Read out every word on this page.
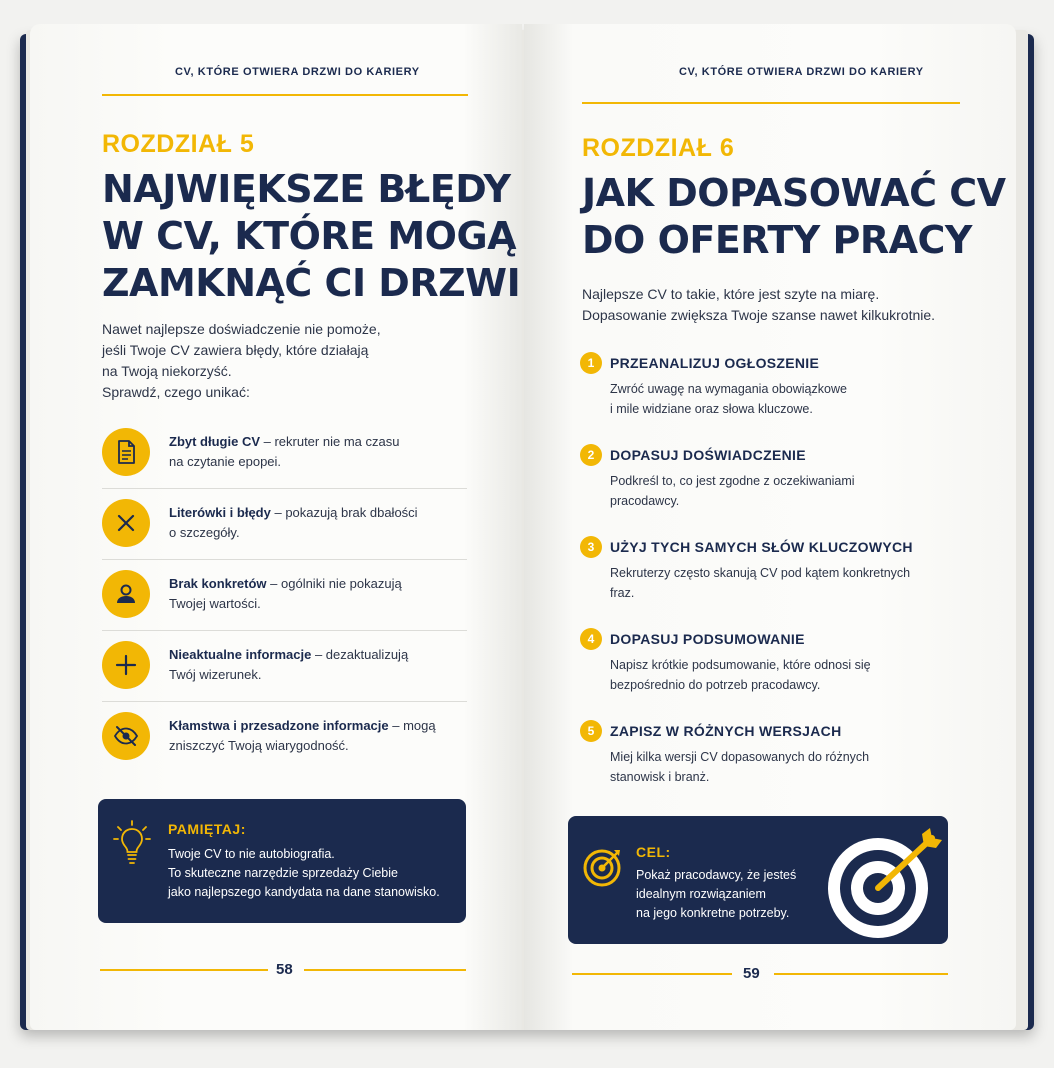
CV, KTÓRE OTWIERA DRZWI DO KARIERY
ROZDZIAŁ 5
NAJWIĘKSZE BŁĘDY
W CV, KTÓRE MOGĄ
ZAMKNĄĆ CI DRZWI
Nawet najlepsze doświadczenie nie pomoże,
jeśli Twoje CV zawiera błędy, które działają
na Twoją niekorzyść.
Sprawdź, czego unikać:
Zbyt długie CV – rekruter nie ma czasu
na czytanie epopei.
Literówki i błędy – pokazują brak dbałości
o szczegóły.
Brak konkretów – ogólniki nie pokazują
Twojej wartości.
Nieaktualne informacje – dezaktualizują
Twój wizerunek.
Kłamstwa i przesadzone informacje – mogą
zniszczyć Twoją wiarygodność.
PAMIĘTAJ:
Twoje CV to nie autobiografia.
To skuteczne narzędzie sprzedaży Ciebie
jako najlepszego kandydata na dane stanowisko.
58
CV, KTÓRE OTWIERA DRZWI DO KARIERY
ROZDZIAŁ 6
JAK DOPASOWAĆ CV
DO OFERTY PRACY
Najlepsze CV to takie, które jest szyte na miarę.
Dopasowanie zwiększa Twoje szanse nawet kilkukrotnie.
1	PRZEANALIZUJ OGŁOSZENIE
Zwróć uwagę na wymagania obowiązkowe
i mile widziane oraz słowa kluczowe.
2	DOPASUJ DOŚWIADCZENIE
Podkreśl to, co jest zgodne z oczekiwaniami
pracodawcy.
3	UŻYJ TYCH SAMYCH SŁÓW KLUCZOWYCH
Rekruterzy często skanują CV pod kątem konkretnych
fraz.
4	DOPASUJ PODSUMOWANIE
Napisz krótkie podsumowanie, które odnosi się
bezpośrednio do potrzeb pracodawcy.
5	ZAPISZ W RÓŻNYCH WERSJACH
Miej kilka wersji CV dopasowanych do różnych
stanowisk i branż.
CEL:
Pokaż pracodawcy, że jesteś
idealnym rozwiązaniem
na jego konkretne potrzeby.
59
